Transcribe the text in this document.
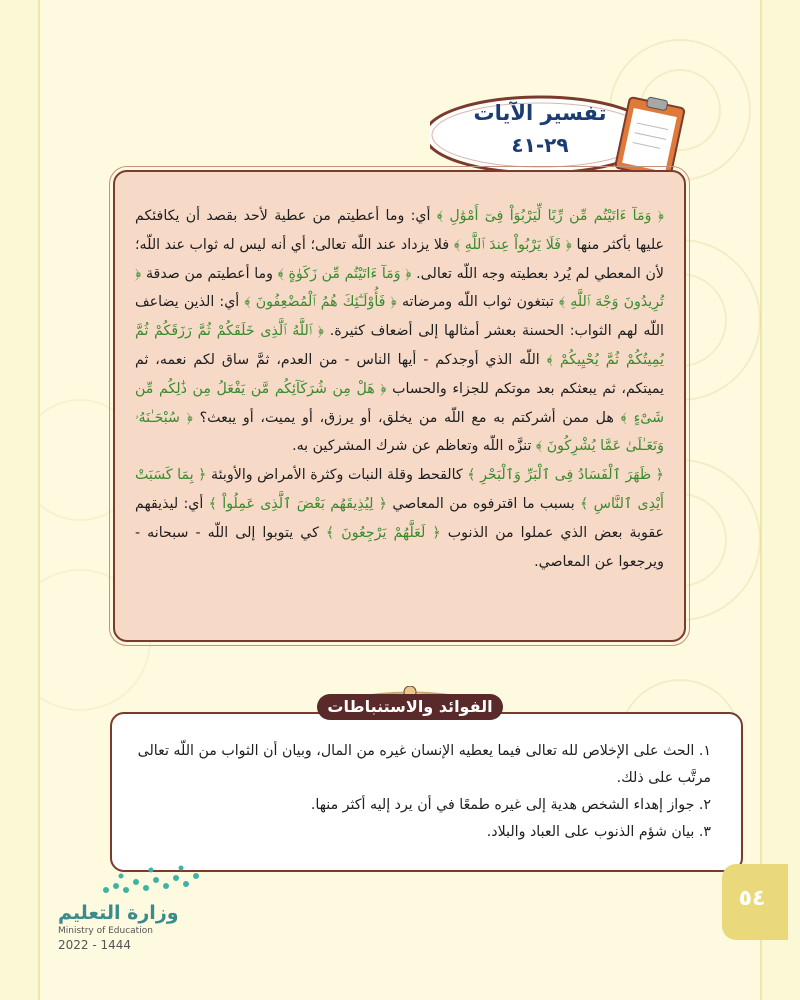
تفسير الآيات
٢٩-٤١

﴿ وَمَآ ءَاتَيْتُم مِّن رِّبًا لِّيَرْبُوَاْ فِىٓ أَمْوَٰلِ ﴾ أي: وما أعطيتم من عطية لأحد بقصد أن يكافئكم عليها بأكثر منها ﴿ فَلَا يَرْبُواْ عِندَ ٱللَّهِ ﴾ فلا يزداد عند اللّه تعالى؛ أي أنه ليس له ثواب عند اللّه؛ لأن المعطي لم يُرد بعطيته وجه اللّه تعالى. ﴿ وَمَآ ءَاتَيْتُم مِّن زَكَوٰةٍ ﴾ وما أعطيتم من صدقة ﴿ تُرِيدُونَ وَجْهَ ٱللَّهِ ﴾ تبتغون ثواب اللّه ومرضاته ﴿ فَأُوْلَـٰٓئِكَ هُمُ ٱلْمُضْعِفُونَ ﴾ أي: الذين يضاعف اللّه لهم الثواب: الحسنة بعشر أمثالها إلى أضعاف كثيرة. ﴿ ٱللَّهُ ٱلَّذِى خَلَقَكُمْ ثُمَّ رَزَقَكُمْ ثُمَّ يُمِيتُكُمْ ثُمَّ يُحْيِيكُمْ ﴾ اللّه الذي أوجدكم - أيها الناس - من العدم، ثمَّ ساق لكم نعمه، ثم يميتكم، ثم يبعثكم بعد موتكم للجزاء والحساب ﴿ هَلْ مِن شُرَكَآئِكُم مَّن يَفْعَلُ مِن ذَٰلِكُم مِّن شَىْءٍ ﴾ هل ممن أشركتم به مع اللّه من يخلق، أو يرزق، أو يميت، أو يبعث؟ ﴿ سُبْحَـٰنَهُۥ وَتَعَـٰلَىٰ عَمَّا يُشْرِكُونَ ﴾ تنزَّه اللّه وتعاظم عن شرك المشركين به.

﴿ ظَهَرَ ٱلْفَسَادُ فِى ٱلْبَرِّ وَٱلْبَحْرِ ﴾ كالقحط وقلة النبات وكثرة الأمراض والأوبئة ﴿ بِمَا كَسَبَتْ أَيْدِى ٱلنَّاسِ ﴾ بسبب ما اقترفوه من المعاصي ﴿ لِيُذِيقَهُم بَعْضَ ٱلَّذِى عَمِلُواْ ﴾ أي: ليذيقهم عقوبة بعض الذي عملوا من الذنوب ﴿ لَعَلَّهُمْ يَرْجِعُونَ ﴾ كي يتوبوا إلى اللّه - سبحانه - ويرجعوا عن المعاصي.

١. الحث على الإخلاص لله تعالى فيما يعطيه الإنسان غيره من المال، وبيان أن الثواب من اللّه تعالى مرتَّب على ذلك.
٢. جواز إهداء الشخص هدية إلى غيره طمعًا في أن يرد إليه أكثر منها.
٣. بيان شؤم الذنوب على العباد والبلاد.
الفوائد والاستنباطات
٥٤
وزارة التعليم
Ministry of Education
2022 - 1444
